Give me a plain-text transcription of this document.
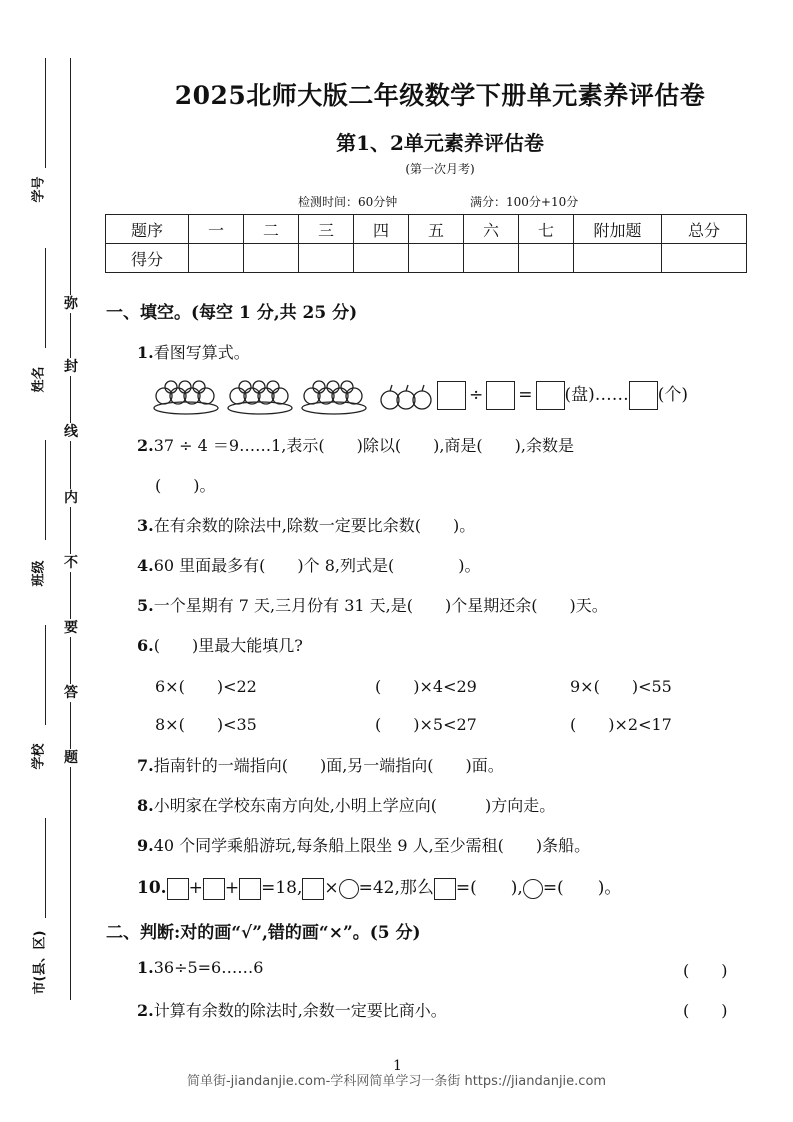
学号
姓名
班级
学校
市(县、区)
弥
封
线
内
不
要
答
题
2025北师大版二年级数学下册单元素养评估卷
第1、2单元素养评估卷
(第一次月考)
检测时间：60分钟	满分：100分+10分
题序	一	二	三	四	五	六	七	附加题	总分
得分									
一、填空。(每空 1 分,共 25 分)
1.看图写算式。
÷ = (盘)…… (个)
2.37 ÷ 4 ＝9……1,表示(　　)除以(　　),商是(　　),余数是
(　　)。
3.在有余数的除法中,除数一定要比余数(　　)。
4.60 里面最多有(　　)个 8,列式是(　　　　)。
5.一个星期有 7 天,三月份有 31 天,是(　　)个星期还余(　　)天。
6.(　　)里最大能填几?
6×(　　)<22	(　　)×4<29	9×(　　)<55
8×(　　)<35	(　　)×5<27	(　　)×2<17
7.指南针的一端指向(　　)面,另一端指向(　　)面。
8.小明家在学校东南方向处,小明上学应向(　　　)方向走。
9.40 个同学乘船游玩,每条船上限坐 9 人,至少需租(　　)条船。
10. + + =18, × =42,那么 =(　　), =(　　)。
二、判断:对的画“√”,错的画“×”。(5 分)
1.36÷5=6……6	(　　)
2.计算有余数的除法时,余数一定要比商小。	(　　)
1
简单街-jiandanjie.com-学科网简单学习一条街 https://jiandanjie.com
